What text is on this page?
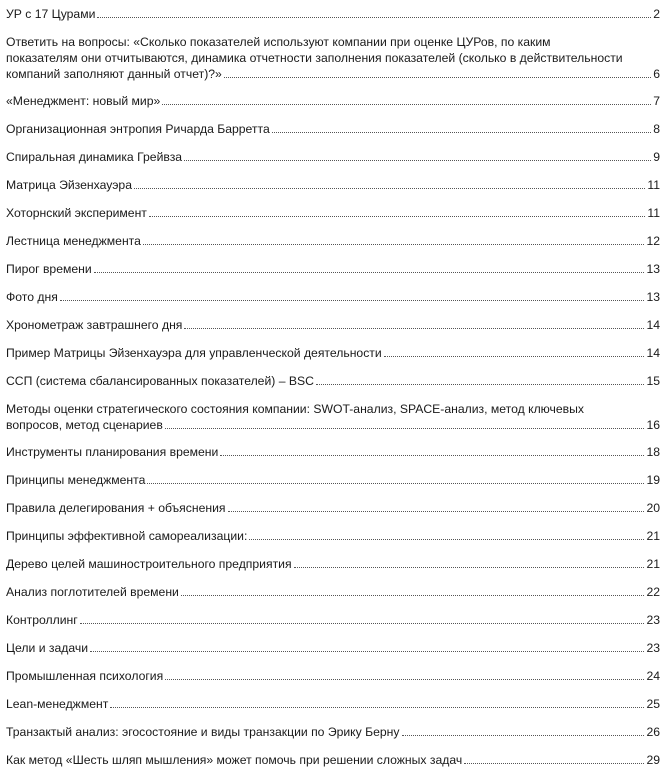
УР с 17 Цурами	2
Ответить на вопросы: «Сколько показателей используют компании при оценке ЦУРов, по каким
показателям они отчитываются, динамика отчетности заполнения показателей (сколько в действительности
компаний заполняют данный отчет)?»	6
«Менеджмент: новый мир»	7
Организационная энтропия Ричарда Барретта	8
Спиральная динамика Грейвза	9
Матрица Эйзенхауэра	11
Хоторнский эксперимент	11
Лестница менеджмента	12
Пирог времени	13
Фото дня	13
Хронометраж завтрашнего дня	14
Пример Матрицы Эйзенхауэра для управленческой деятельности	14
ССП (система сбалансированных показателей) – BSC	15
Методы оценки стратегического состояния компании: SWOT-анализ, SPACE-анализ, метод ключевых
вопросов, метод сценариев	16
Инструменты планирования времени	18
Принципы менеджмента	19
Правила делегирования + объяснения	20
Принципы эффективной самореализации:	21
Дерево целей машиностроительного предприятия	21
Анализ поглотителей времени	22
Контроллинг	23
Цели и задачи	23
Промышленная психология	24
Lean-менеджмент	25
Транзактый анализ: эгосостояние и виды транзакции по Эрику Берну	26
Как метод «Шесть шляп мышления» может помочь при решении сложных задач	29
